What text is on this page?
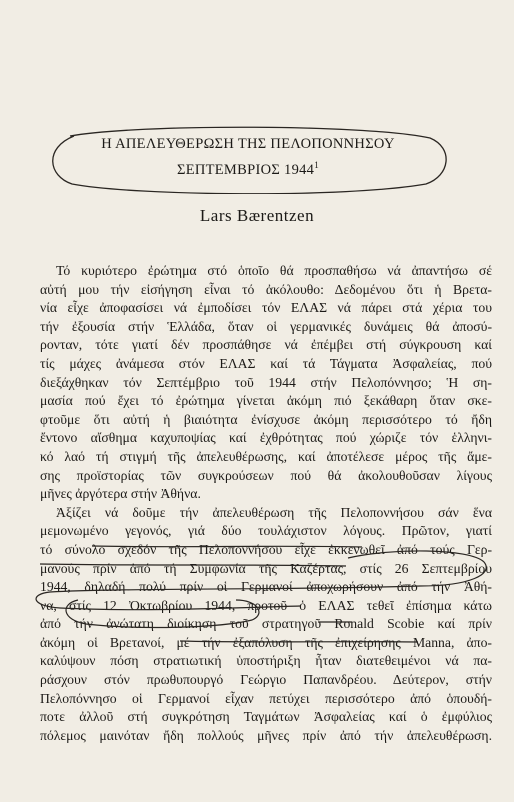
Η ΑΠΕΛΕΥΘΕΡΩΣΗ ΤΗΣ ΠΕΛΟΠΟΝΝΗΣΟΥ
ΣΕΠΤΕΜΒΡΙΟΣ 1944$^1$
Lars Bærentzen
Τό κυριότερο ἐρώτημα στό ὁποῖο θά προσπαθήσω νά ἀπαντήσω σέ
αὐτή μου τήν εἰσήγηση εἶναι τό ἀκόλουθο: Δεδομένου ὅτι ἡ Βρετα-
νία εἶχε ἀποφασίσει νά ἐμποδίσει τόν ΕΛΑΣ νά πάρει στά χέρια του
τήν ἐξουσία στήν Ἑλλάδα, ὅταν οἱ γερμανικές δυνάμεις θά ἀποσύ-
ρονταν, τότε γιατί δέν προσπάθησε νά ἐπέμβει στή σύγκρουση καί
τίς μάχες ἀνάμεσα στόν ΕΛΑΣ καί τά Τάγματα Ἀσφαλείας, πού
διεξάχθηκαν τόν Σεπτέμβριο τοῦ 1944 στήν Πελοπόννησο; Ἡ ση-
μασία πού ἔχει τό ἐρώτημα γίνεται ἀκόμη πιό ξεκάθαρη ὅταν σκε-
φτοῦμε ὅτι αὐτή ἡ βιαιότητα ἐνίσχυσε ἀκόμη περισσότερο τό ἤδη
ἔντονο αἴσθημα καχυποψίας καί ἐχθρότητας πού χώριζε τόν ἑλληνι-
κό λαό τή στιγμή τῆς ἀπελευθέρωσης, καί ἀποτέλεσε μέρος τῆς ἄμε-
σης προϊστορίας τῶν συγκρούσεων πού θά ἀκολουθοῦσαν λίγους
μῆνες ἀργότερα στήν Ἀθήνα.
Ἀξίζει νά δοῦμε τήν ἀπελευθέρωση τῆς Πελοποννήσου σάν ἕνα
μεμονωμένο γεγονός, γιά δύο τουλάχιστον λόγους. Πρῶτον, γιατί
τό σύνολο σχεδόν τῆς Πελοποννήσου εἶχε ἐκκενωθεῖ ἀπό τούς Γερ-
μανούς πρίν ἀπό τή Συμφωνία τῆς Καζέρτας, στίς 26 Σεπτεμβρίου
1944, δηλαδή πολύ πρίν οἱ Γερμανοί ἀποχωρήσουν ἀπό τήν Ἀθή-
να, στίς 12 Ὀκτωβρίου 1944, προτοῦ ὁ ΕΛΑΣ τεθεῖ ἐπίσημα κάτω
ἀπό τήν ἀνώτατη διοίκηση τοῦ στρατηγοῦ Ronald Scobie καί πρίν
ἀκόμη οἱ Βρετανοί, μέ τήν ἐξαπόλυση τῆς ἐπιχείρησης Manna, ἀπο-
καλύψουν πόση στρατιωτική ὑποστήριξη ἦταν διατεθειμένοι νά πα-
ράσχουν στόν πρωθυπουργό Γεώργιο Παπανδρέου. Δεύτερον, στήν
Πελοπόννησο οἱ Γερμανοί εἶχαν πετύχει περισσότερο ἀπό ὁπουδή-
ποτε ἀλλοῦ στή συγκρότηση Ταγμάτων Ἀσφαλείας καί ὁ ἐμφύλιος
πόλεμος μαινόταν ἤδη πολλούς μῆνες πρίν ἀπό τήν ἀπελευθέρωση.
